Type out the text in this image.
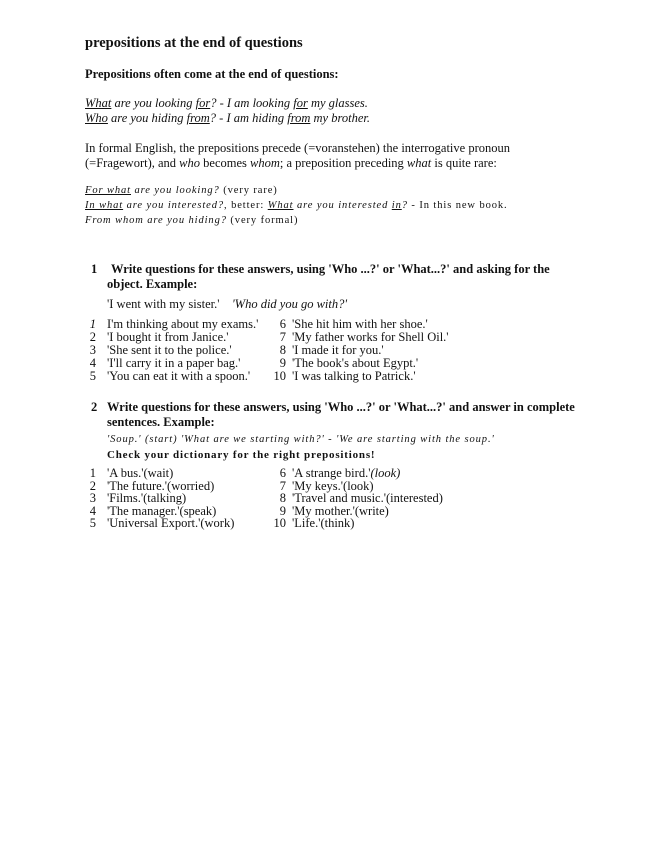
prepositions at the end of questions
Prepositions often come at the end of questions:
What are you looking for? - I am looking for my glasses.
Who are you hiding from? - I am hiding from my brother.
In formal English, the prepositions precede (=voranstehen) the interrogative pronoun
(=Fragewort), and who becomes whom; a preposition preceding what is quite rare:
For what are you looking? (very rare)
In what are you interested?, better: What are you interested in? - In this new book.
From whom are you hiding? (very formal)
1	Write questions for these answers, using 'Who ...?' or 'What...?' and asking for the object. Example:
'I went with my sister.' 'Who did you go with?'
1 I'm thinking about my exams.'
2 'I bought it from Janice.'
3 'She sent it to the police.'
4 'I'll carry it in a paper bag.'
5 'You can eat it with a spoon.'
6 'She hit him with her shoe.'
7 'My father works for Shell Oil.'
8 'I made it for you.'
9 'The book's about Egypt.'
10 'I was talking to Patrick.'
2 Write questions for these answers, using 'Who ...?' or 'What...?' and answer in complete sentences. Example:
'Soup.' (start) 'What are we starting with?' - 'We are starting with the soup.'
Check your dictionary for the right prepositions!
1 'A bus.'(wait)
2 'The future.'(worried)
3 'Films.'(talking)
4 'The manager.'(speak)
5 'Universal Export.'(work)
6 'A strange bird.'(look)
7 'My keys.'(look)
8 'Travel and music.'(interested)
9 'My mother.'(write)
10 'Life.'(think)
